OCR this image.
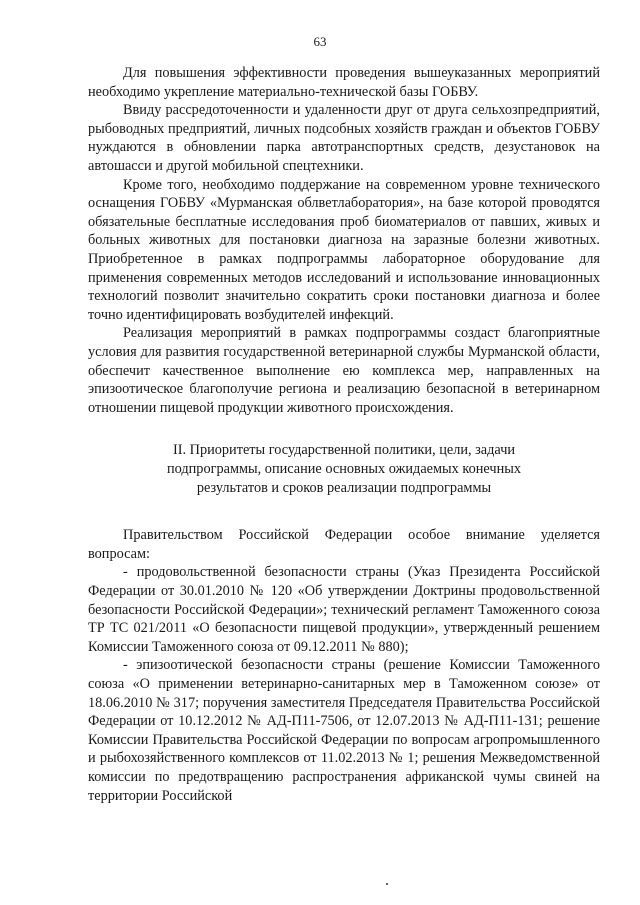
63

Для повышения эффективности проведения вышеуказанных мероприятий необходимо укрепление материально-технической базы ГОБВУ.

Ввиду рассредоточенности и удаленности друг от друга сельхозпредприятий, рыбоводных предприятий, личных подсобных хозяйств граждан и объектов ГОБВУ нуждаются в обновлении парка автотранспортных средств, дезустановок на автошасси и другой мобильной спецтехники.

Кроме того, необходимо поддержание на современном уровне технического оснащения ГОБВУ «Мурманская облветлаборатория», на базе которой проводятся обязательные бесплатные исследования проб биоматериалов от павших, живых и больных животных для постановки диагноза на заразные болезни животных. Приобретенное в рамках подпрограммы лабораторное оборудование для применения современных методов исследований и использование инновационных технологий позволит значительно сократить сроки постановки диагноза и более точно идентифицировать возбудителей инфекций.

Реализация мероприятий в рамках подпрограммы создаст благоприятные условия для развития государственной ветеринарной службы Мурманской области, обеспечит качественное выполнение ею комплекса мер, направленных на эпизоотическое благополучие региона и реализацию безопасной в ветеринарном отношении пищевой продукции животного происхождения.

II. Приоритеты государственной политики, цели, задачи
подпрограммы, описание основных ожидаемых конечных
результатов и сроков реализации подпрограммы

Правительством Российской Федерации особое внимание уделяется вопросам:

- продовольственной безопасности страны (Указ Президента Российской Федерации от 30.01.2010 № 120 «Об утверждении Доктрины продовольственной безопасности Российской Федерации»; технический регламент Таможенного союза ТР ТС 021/2011 «О безопасности пищевой продукции», утвержденный решением Комиссии Таможенного союза от 09.12.2011 № 880);

- эпизоотической безопасности страны (решение Комиссии Таможенного союза «О применении ветеринарно-санитарных мер в Таможенном союзе» от 18.06.2010 № 317; поручения заместителя Председателя Правительства Российской Федерации от 10.12.2012 № АД-П11-7506, от 12.07.2013 № АД-П11-131; решение Комиссии Правительства Российской Федерации по вопросам агропромышленного и рыбохозяйственного комплексов от 11.02.2013 № 1; решения Межведомственной комиссии по предотвращению распространения африканской чумы свиней на территории Российской
